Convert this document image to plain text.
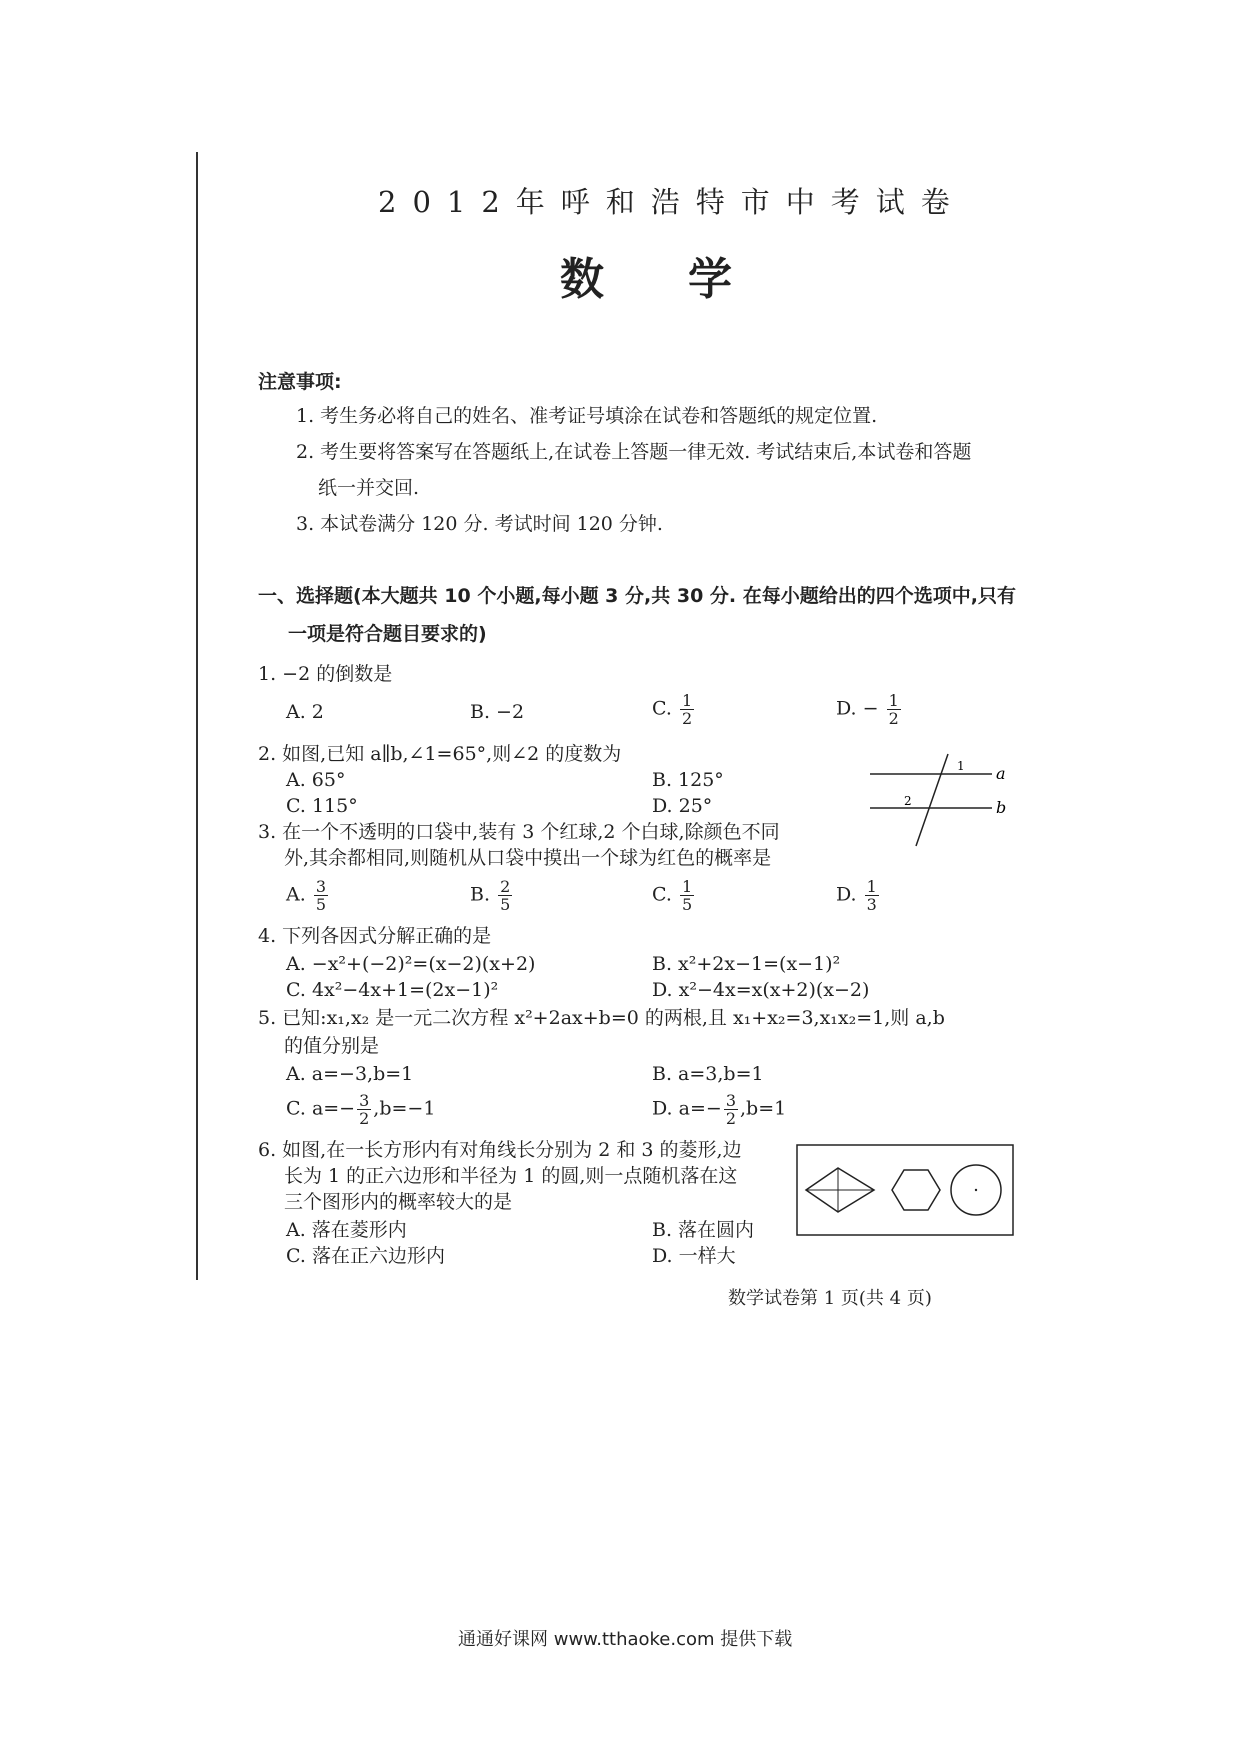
2012年呼和浩特市中考试卷
数学
注意事项:
1. 考生务必将自己的姓名、准考证号填涂在试卷和答题纸的规定位置.
2. 考生要将答案写在答题纸上,在试卷上答题一律无效. 考试结束后,本试卷和答题
纸一并交回.
3. 本试卷满分 120 分. 考试时间 120 分钟.
一、选择题(本大题共 10 个小题,每小题 3 分,共 30 分. 在每小题给出的四个选项中,只有
一项是符合题目要求的)
1. −2 的倒数是
A. 2	B. −2	C. $\frac{1}{2}$	D. − $\frac{1}{2}$
2. 如图,已知 a∥b,∠1=65°,则∠2 的度数为
A. 65°	B. 125°
C. 115°	D. 25°
1
2
a
b
3. 在一个不透明的口袋中,装有 3 个红球,2 个白球,除颜色不同
外,其余都相同,则随机从口袋中摸出一个球为红色的概率是
A. $\frac{3}{5}$	B. $\frac{2}{5}$	C. $\frac{1}{5}$	D. $\frac{1}{3}$
4. 下列各因式分解正确的是
A. −x²+(−2)²=(x−2)(x+2)	B. x²+2x−1=(x−1)²
C. 4x²−4x+1=(2x−1)²	D. x²−4x=x(x+2)(x−2)
5. 已知:x₁,x₂ 是一元二次方程 x²+2ax+b=0 的两根,且 x₁+x₂=3,x₁x₂=1,则 a,b
的值分别是
A. a=−3,b=1	B. a=3,b=1
C. $a=- \frac{3}{2} ,b=-1$	D. $a=- \frac{3}{2} ,b=1$
6. 如图,在一长方形内有对角线长分别为 2 和 3 的菱形,边
长为 1 的正六边形和半径为 1 的圆,则一点随机落在这
三个图形内的概率较大的是
A. 落在菱形内	B. 落在圆内
C. 落在正六边形内	D. 一样大
数学试卷第 1 页(共 4 页)
通通好课网 www.tthaoke.com 提供下载
